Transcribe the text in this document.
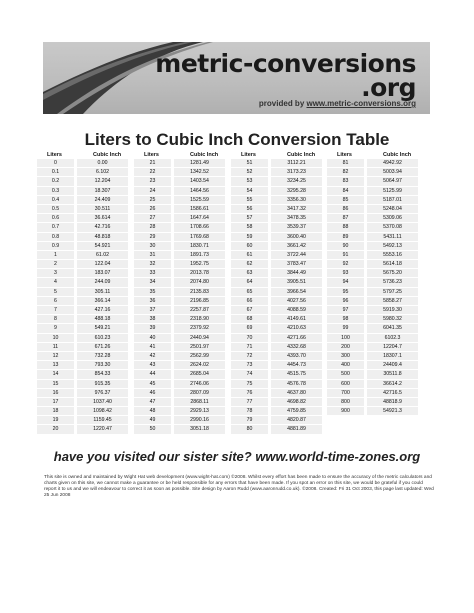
metric-conversions
.org
provided by www.metric-conversions.org
Liters to Cubic Inch Conversion Table
Liters	Cubic Inch
0	0.00
0.1	6.102
0.2	12.204
0.3	18.307
0.4	24.409
0.5	30.511
0.6	36.614
0.7	42.716
0.8	48.818
0.9	54.921
1	61.02
2	122.04
3	183.07
4	244.09
5	305.11
6	366.14
7	427.16
8	488.18
9	549.21
10	610.23
11	671.26
12	732.28
13	793.30
14	854.33
15	915.35
16	976.37
17	1037.40
18	1098.42
19	1159.45
20	1220.47
Liters	Cubic Inch
21	1281.49
22	1342.52
23	1403.54
24	1464.56
25	1525.59
26	1586.61
27	1647.64
28	1708.66
29	1769.68
30	1830.71
31	1891.73
32	1952.75
33	2013.78
34	2074.80
35	2135.83
36	2196.85
37	2257.87
38	2318.90
39	2379.92
40	2440.94
41	2501.97
42	2562.99
43	2624.02
44	2685.04
45	2746.06
46	2807.09
47	2868.11
48	2929.13
49	2990.16
50	3051.18
Liters	Cubic Inch
51	3112.21
52	3173.23
53	3234.25
54	3295.28
55	3356.30
56	3417.32
57	3478.35
58	3539.37
59	3600.40
60	3661.42
61	3722.44
62	3783.47
63	3844.49
64	3905.51
65	3966.54
66	4027.56
67	4088.59
68	4149.61
69	4210.63
70	4271.66
71	4332.68
72	4393.70
73	4454.73
74	4515.75
75	4576.78
76	4637.80
77	4698.82
78	4759.85
79	4820.87
80	4881.89
Liters	Cubic Inch
81	4942.92
82	5003.94
83	5064.97
84	5125.99
85	5187.01
86	5248.04
87	5309.06
88	5370.08
89	5431.11
90	5492.13
91	5553.16
92	5614.18
93	5675.20
94	5736.23
95	5797.25
96	5858.27
97	5919.30
98	5980.32
99	6041.35
100	6102.3
200	12204.7
300	18307.1
400	24409.4
500	30511.8
600	36614.2
700	42716.5
800	48818.9
900	54921.3
have you visited our sister site? www.world-time-zones.org
This site is owned and maintained by Wight Hat web development (www.wight-hat.com) ©2008. Whilst every effort has been made to ensure the accuracy of the metric calculators and charts given on this site, we cannot make a guarantee or be held responsible for any errors that have been made. If you spot an error on this site, we would be grateful if you could report it to us and we will endeavour to correct it as soon as possible. Site design by Aaron Rudd (www.aaronrudd.co.uk). ©2008. Created: Fri 31 Oct 2003, this page last updated: Wed 25 Jun 2008
